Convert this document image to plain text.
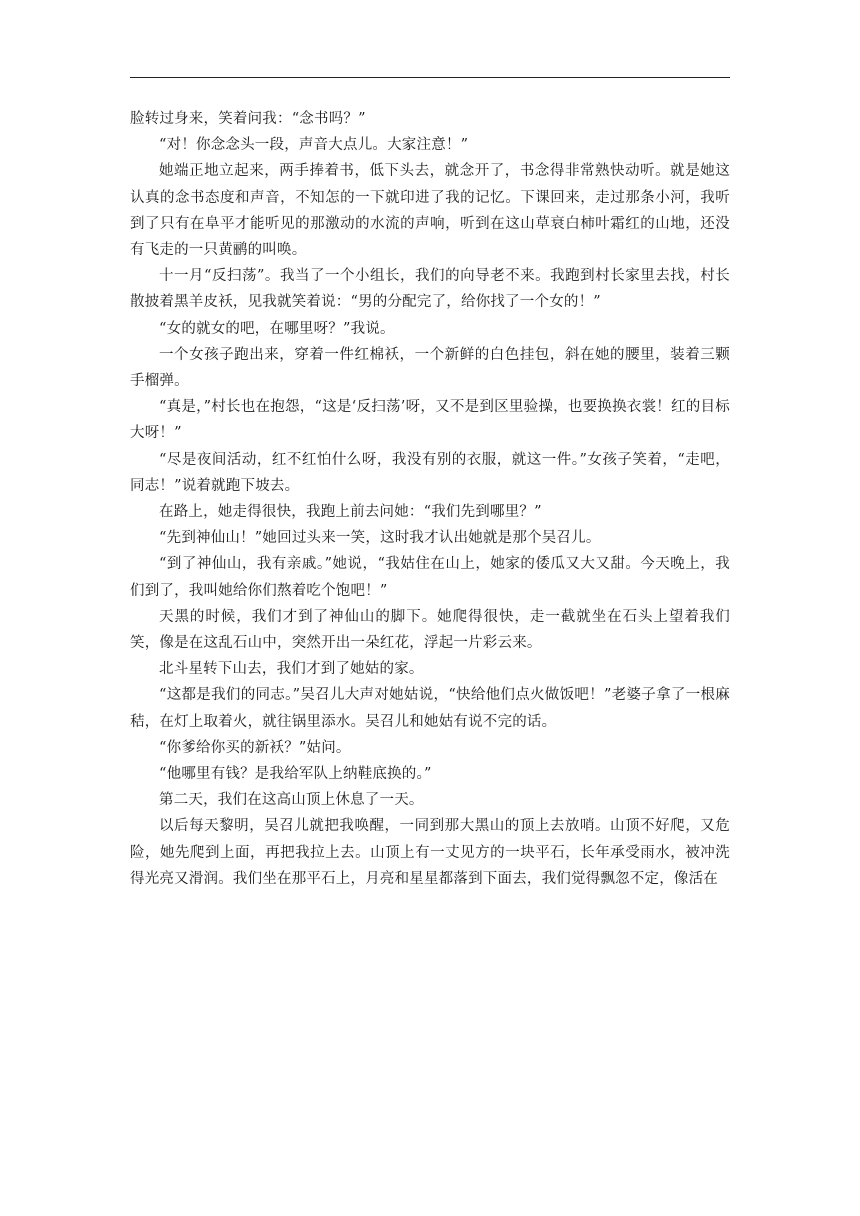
脸转过身来，笑着问我：“念书吗？”

“对！你念念头一段，声音大点儿。大家注意！”

她端正地立起来，两手捧着书，低下头去，就念开了，书念得非常熟快动听。就是她这认真的念书态度和声音，不知怎的一下就印进了我的记忆。下课回来，走过那条小河，我听到了只有在阜平才能听见的那激动的水流的声响，听到在这山草衰白柿叶霜红的山地，还没有飞走的一只黄鹂的叫唤。

十一月“反扫荡”。我当了一个小组长，我们的向导老不来。我跑到村长家里去找，村长散披着黑羊皮袄，见我就笑着说：“男的分配完了，给你找了一个女的！”

“女的就女的吧，在哪里呀？”我说。

一个女孩子跑出来，穿着一件红棉袄，一个新鲜的白色挂包，斜在她的腰里，装着三颗手榴弹。

“真是，”村长也在抱怨，“这是‘反扫荡’呀，又不是到区里验操，也要换换衣裳！红的目标大呀！”

“尽是夜间活动，红不红怕什么呀，我没有别的衣服，就这一件。”女孩子笑着，“走吧，同志！”说着就跑下坡去。

在路上，她走得很快，我跑上前去问她：“我们先到哪里？”

“先到神仙山！”她回过头来一笑，这时我才认出她就是那个吴召儿。

“到了神仙山，我有亲戚。”她说，“我姑住在山上，她家的倭瓜又大又甜。今天晚上，我们到了，我叫她给你们熬着吃个饱吧！”

天黑的时候，我们才到了神仙山的脚下。她爬得很快，走一截就坐在石头上望着我们笑，像是在这乱石山中，突然开出一朵红花，浮起一片彩云来。

北斗星转下山去，我们才到了她姑的家。

“这都是我们的同志。”吴召儿大声对她姑说，“快给他们点火做饭吧！”老婆子拿了一根麻秸，在灯上取着火，就往锅里添水。吴召儿和她姑有说不完的话。

“你爹给你买的新袄？”姑问。

“他哪里有钱？是我给军队上纳鞋底换的。”

第二天，我们在这高山顶上休息了一天。

以后每天黎明，吴召儿就把我唤醒，一同到那大黑山的顶上去放哨。山顶不好爬，又危险，她先爬到上面，再把我拉上去。山顶上有一丈见方的一块平石，长年承受雨水，被冲洗得光亮又滑润。我们坐在那平石上，月亮和星星都落到下面去，我们觉得飘忽不定，像活在
